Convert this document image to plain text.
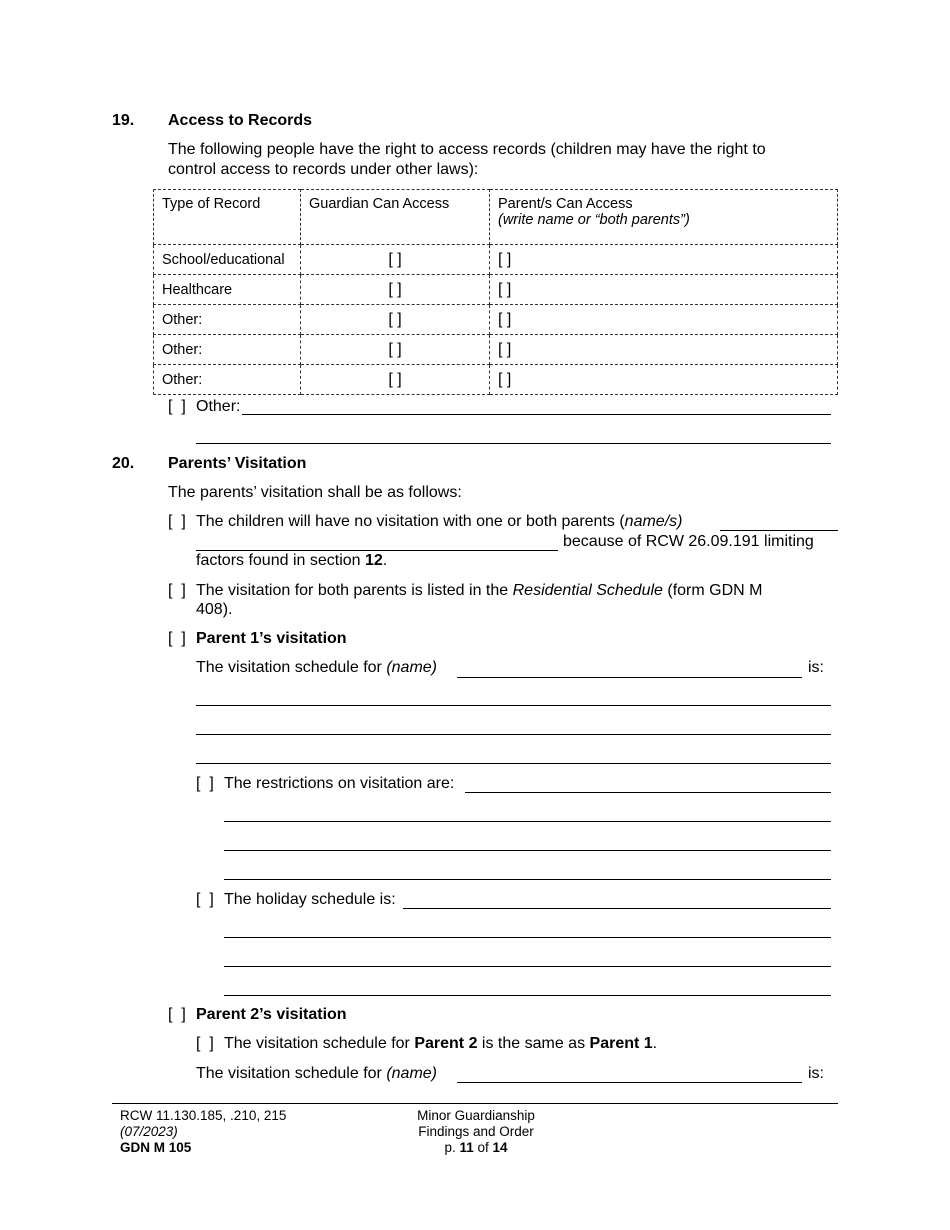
19. Access to Records
The following people have the right to access records (children may have the right to
control access to records under other laws):
Type of Record	Guardian Can Access	Parent/s Can Access
(write name or “both parents”)

School/educational	[ ]	[ ]
Healthcare	[ ]	[ ]
Other:	[ ]	[ ]
Other:	[ ]	[ ]
Other:	[ ]	[ ]
[  ] Other:
20. Parents’ Visitation
The parents’ visitation shall be as follows:
[  ] The children will have no visitation with one or both parents (name/s)
because of RCW 26.09.191 limiting
factors found in section 12.
[  ] The visitation for both parents is listed in the Residential Schedule (form GDN M
408).
[  ] Parent 1’s visitation
The visitation schedule for (name)	is:
[  ] The restrictions on visitation are:
[  ] The holiday schedule is:
[  ] Parent 2’s visitation
[  ] The visitation schedule for Parent 2 is the same as Parent 1.
The visitation schedule for (name)	is:
RCW 11.130.185, .210, 215
(07/2023)
GDN M 105
Minor Guardianship
Findings and Order
p. 11 of 14
